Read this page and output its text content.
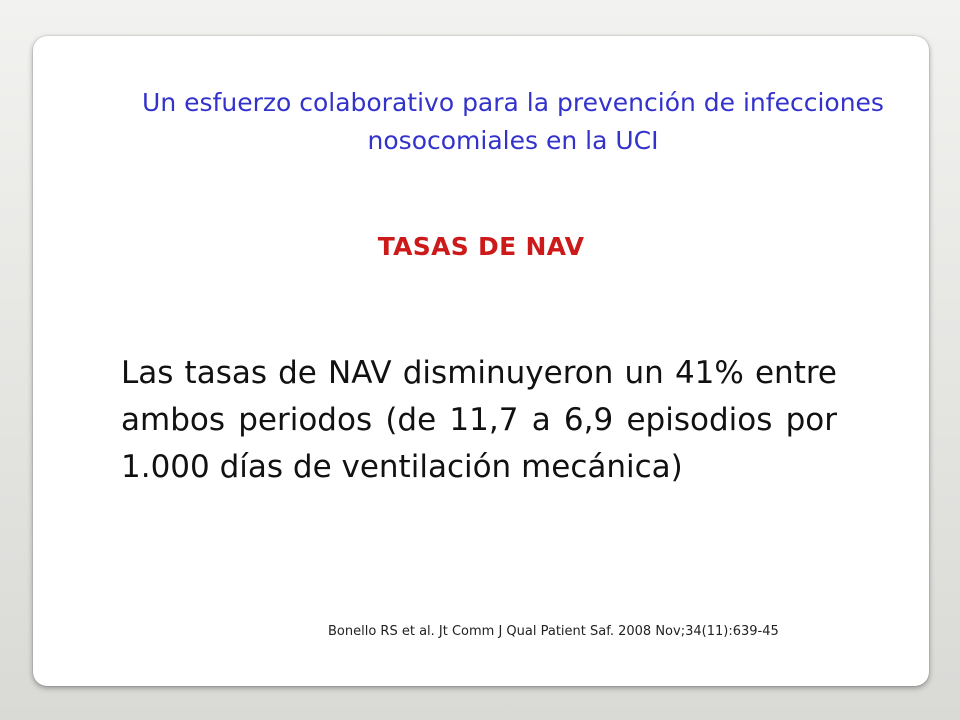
Un esfuerzo colaborativo para la prevención de infecciones nosocomiales en la UCI
TASAS DE NAV

Las tasas de NAV disminuyeron un 41% entre ambos periodos (de 11,7 a 6,9 episodios por 1.000 días de ventilación mecánica)

Bonello RS et al. Jt Comm J Qual Patient Saf. 2008 Nov;34(11):639-45
